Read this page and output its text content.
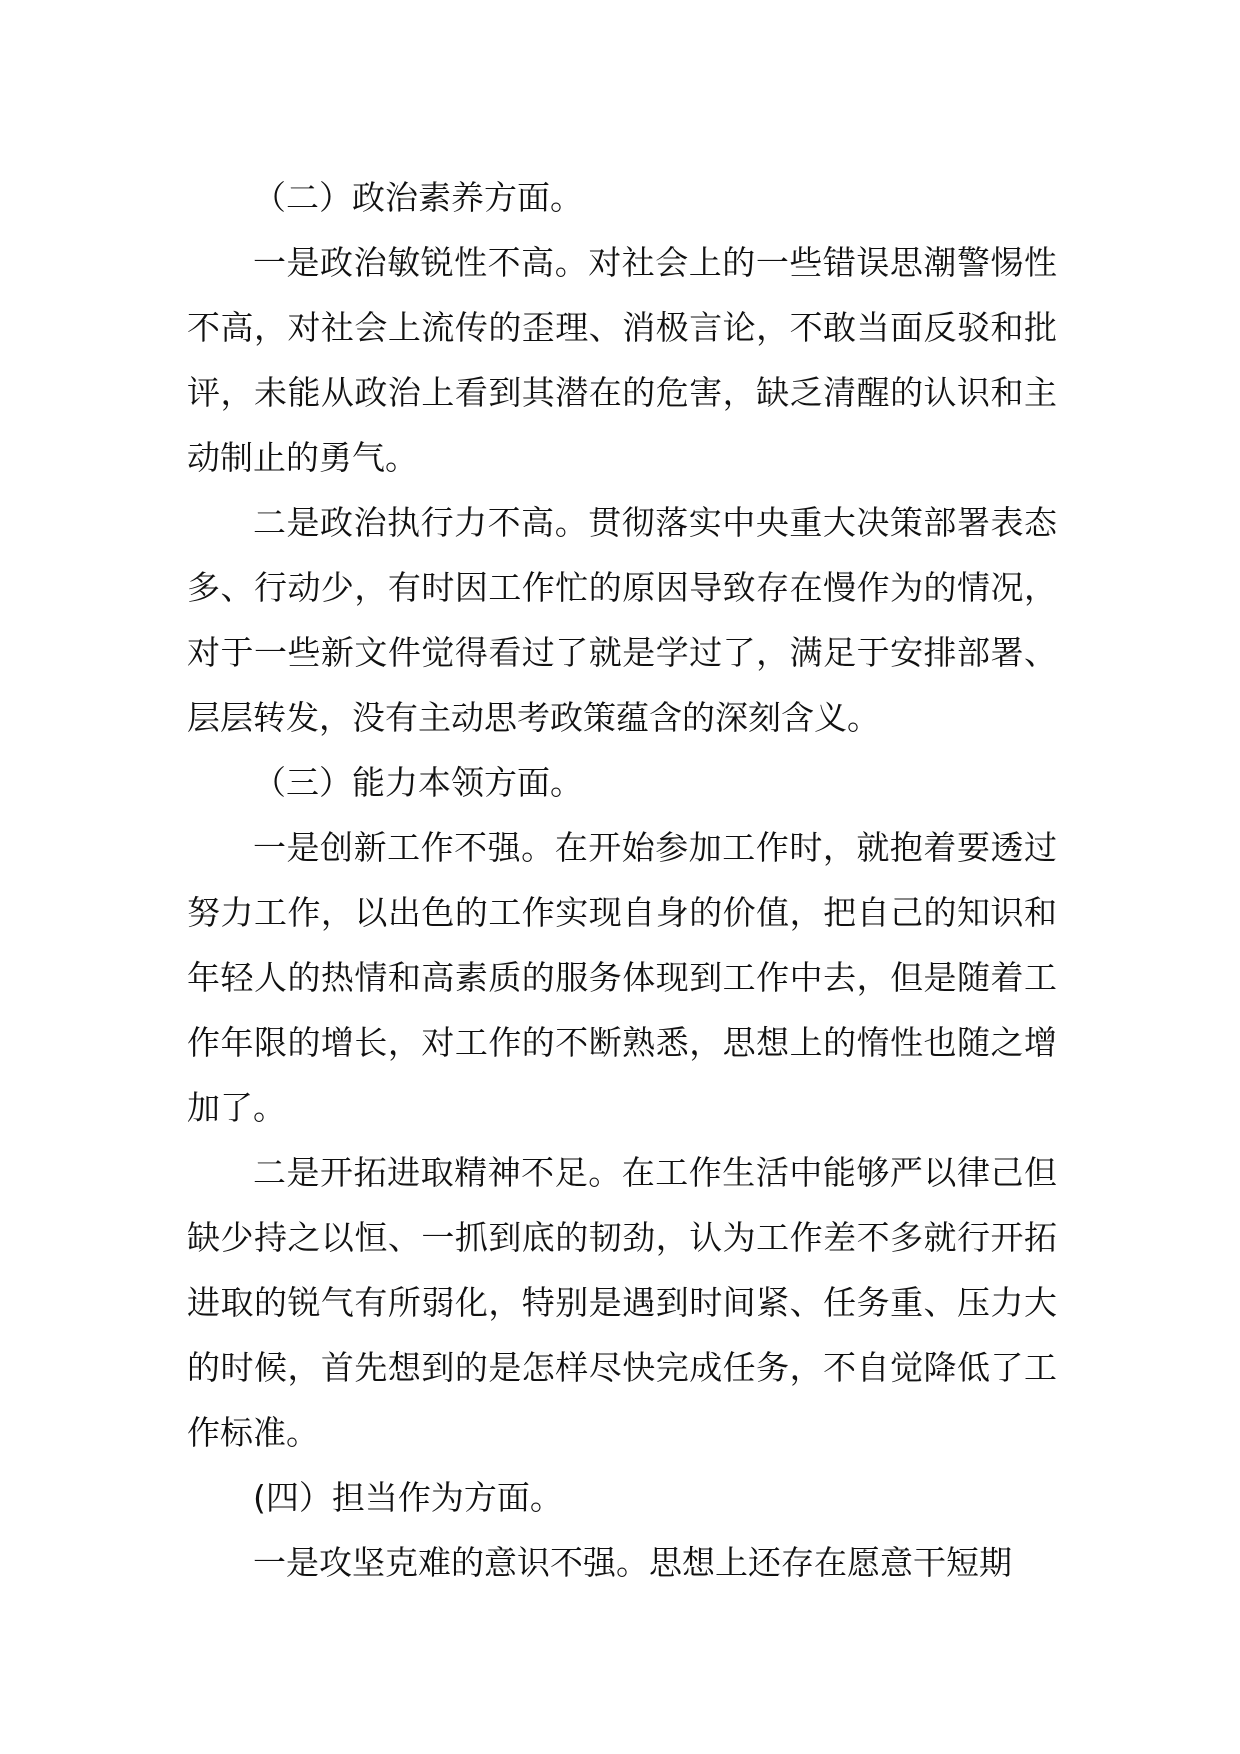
（二）政治素养方面。

一是政治敏锐性不高。对社会上的一些错误思潮警惕性不高，对社会上流传的歪理、消极言论，不敢当面反驳和批评，未能从政治上看到其潜在的危害，缺乏清醒的认识和主动制止的勇气。

二是政治执行力不高。贯彻落实中央重大决策部署表态多、行动少，有时因工作忙的原因导致存在慢作为的情况，对于一些新文件觉得看过了就是学过了，满足于安排部署、层层转发，没有主动思考政策蕴含的深刻含义。

（三）能力本领方面。

一是创新工作不强。在开始参加工作时，就抱着要透过努力工作，以出色的工作实现自身的价值，把自己的知识和年轻人的热情和高素质的服务体现到工作中去，但是随着工作年限的增长，对工作的不断熟悉，思想上的惰性也随之增加了。

二是开拓进取精神不足。在工作生活中能够严以律己但缺少持之以恒、一抓到底的韧劲，认为工作差不多就行开拓进取的锐气有所弱化，特别是遇到时间紧、任务重、压力大的时候，首先想到的是怎样尽快完成任务，不自觉降低了工作标准。

(四）担当作为方面。

一是攻坚克难的意识不强。思想上还存在愿意干短期
